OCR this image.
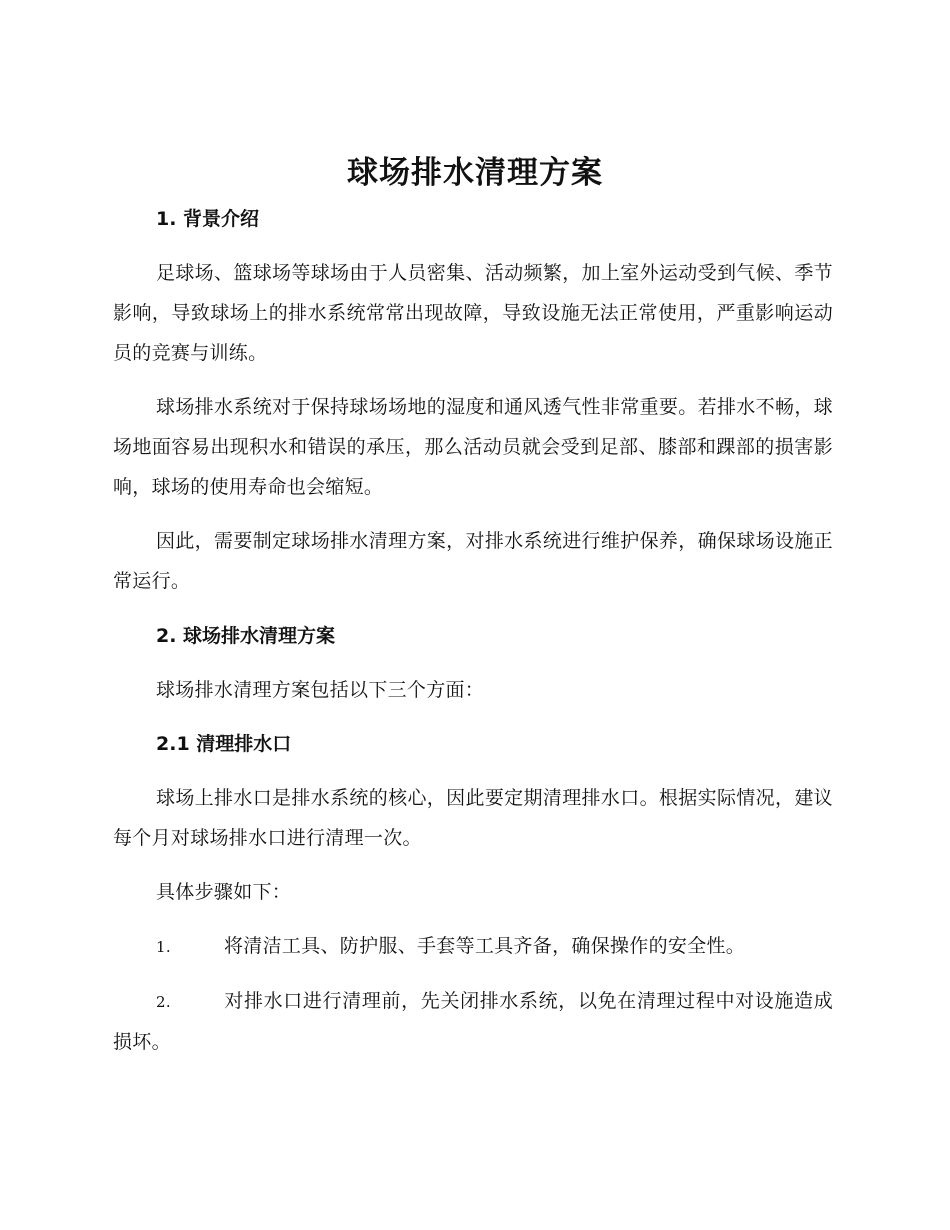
球场排水清理方案
1. 背景介绍

足球场、篮球场等球场由于人员密集、活动频繁，加上室外运动受到气候、季节影响，导致球场上的排水系统常常出现故障，导致设施无法正常使用，严重影响运动员的竞赛与训练。

球场排水系统对于保持球场场地的湿度和通风透气性非常重要。若排水不畅，球场地面容易出现积水和错误的承压，那么活动员就会受到足部、膝部和踝部的损害影响，球场的使用寿命也会缩短。

因此，需要制定球场排水清理方案，对排水系统进行维护保养，确保球场设施正常运行。

2. 球场排水清理方案

球场排水清理方案包括以下三个方面：

2.1 清理排水口

球场上排水口是排水系统的核心，因此要定期清理排水口。根据实际情况，建议每个月对球场排水口进行清理一次。

具体步骤如下：

1.	将清洁工具、防护服、手套等工具齐备，确保操作的安全性。

2.	对排水口进行清理前，先关闭排水系统，以免在清理过程中对设施造成损坏。
